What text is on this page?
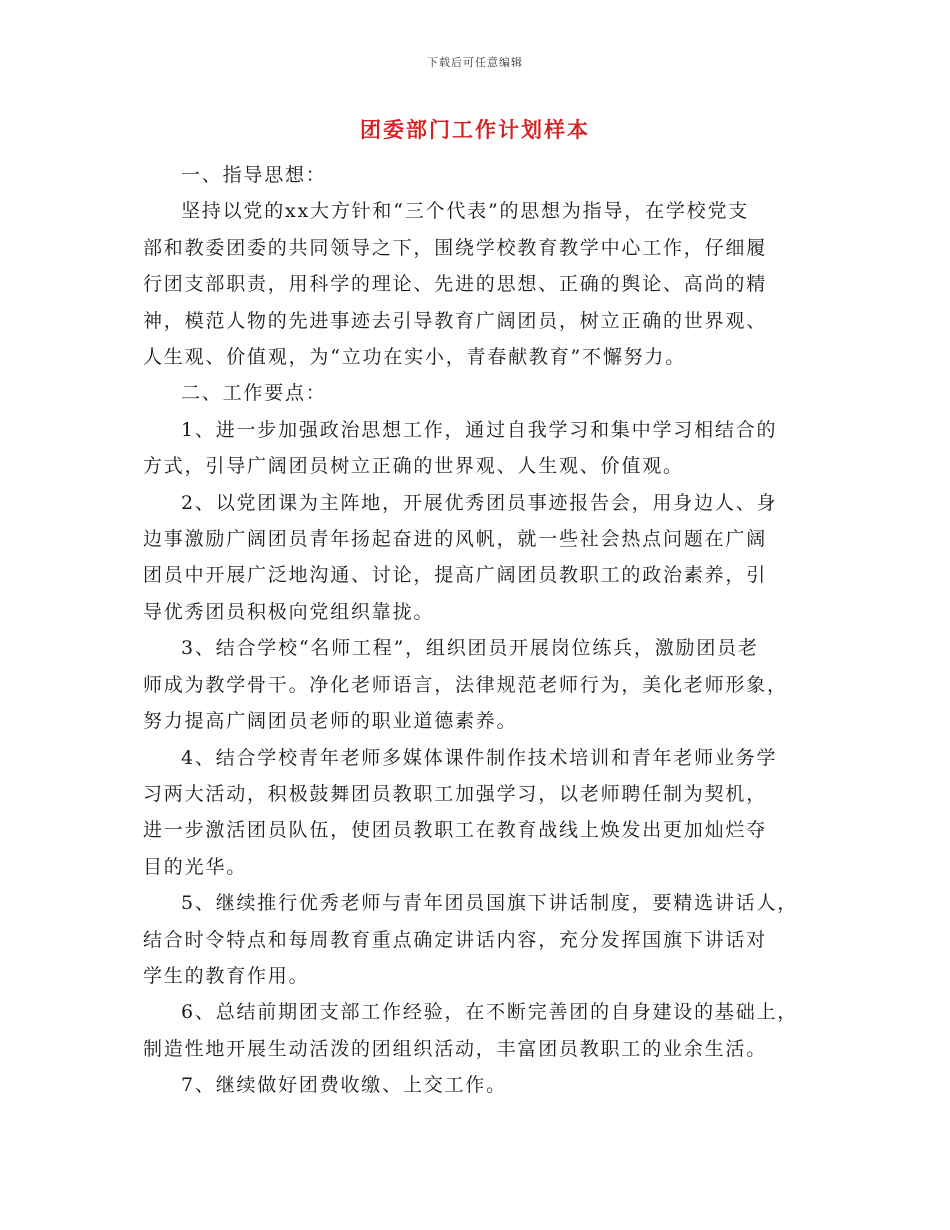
下载后可任意编辑
团委部门工作计划样本

一、指导思想：

坚持以党的xx大方针和“三个代表”的思想为指导，在学校党支
部和教委团委的共同领导之下，围绕学校教育教学中心工作，仔细履
行团支部职责，用科学的理论、先进的思想、正确的舆论、高尚的精
神，模范人物的先进事迹去引导教育广阔团员，树立正确的世界观、
人生观、价值观，为“立功在实小，青春献教育”不懈努力。

二、工作要点：

1、进一步加强政治思想工作，通过自我学习和集中学习相结合的
方式，引导广阔团员树立正确的世界观、人生观、价值观。

2、以党团课为主阵地，开展优秀团员事迹报告会，用身边人、身
边事激励广阔团员青年扬起奋进的风帆，就一些社会热点问题在广阔
团员中开展广泛地沟通、讨论，提高广阔团员教职工的政治素养，引
导优秀团员积极向党组织靠拢。

3、结合学校“名师工程”，组织团员开展岗位练兵，激励团员老
师成为教学骨干。净化老师语言，法律规范老师行为，美化老师形象，
努力提高广阔团员老师的职业道德素养。

4、结合学校青年老师多媒体课件制作技术培训和青年老师业务学
习两大活动，积极鼓舞团员教职工加强学习，以老师聘任制为契机，
进一步激活团员队伍，使团员教职工在教育战线上焕发出更加灿烂夺
目的光华。

5、继续推行优秀老师与青年团员国旗下讲话制度，要精选讲话人，
结合时令特点和每周教育重点确定讲话内容，充分发挥国旗下讲话对
学生的教育作用。

6、总结前期团支部工作经验，在不断完善团的自身建设的基础上，
制造性地开展生动活泼的团组织活动，丰富团员教职工的业余生活。

7、继续做好团费收缴、上交工作。
